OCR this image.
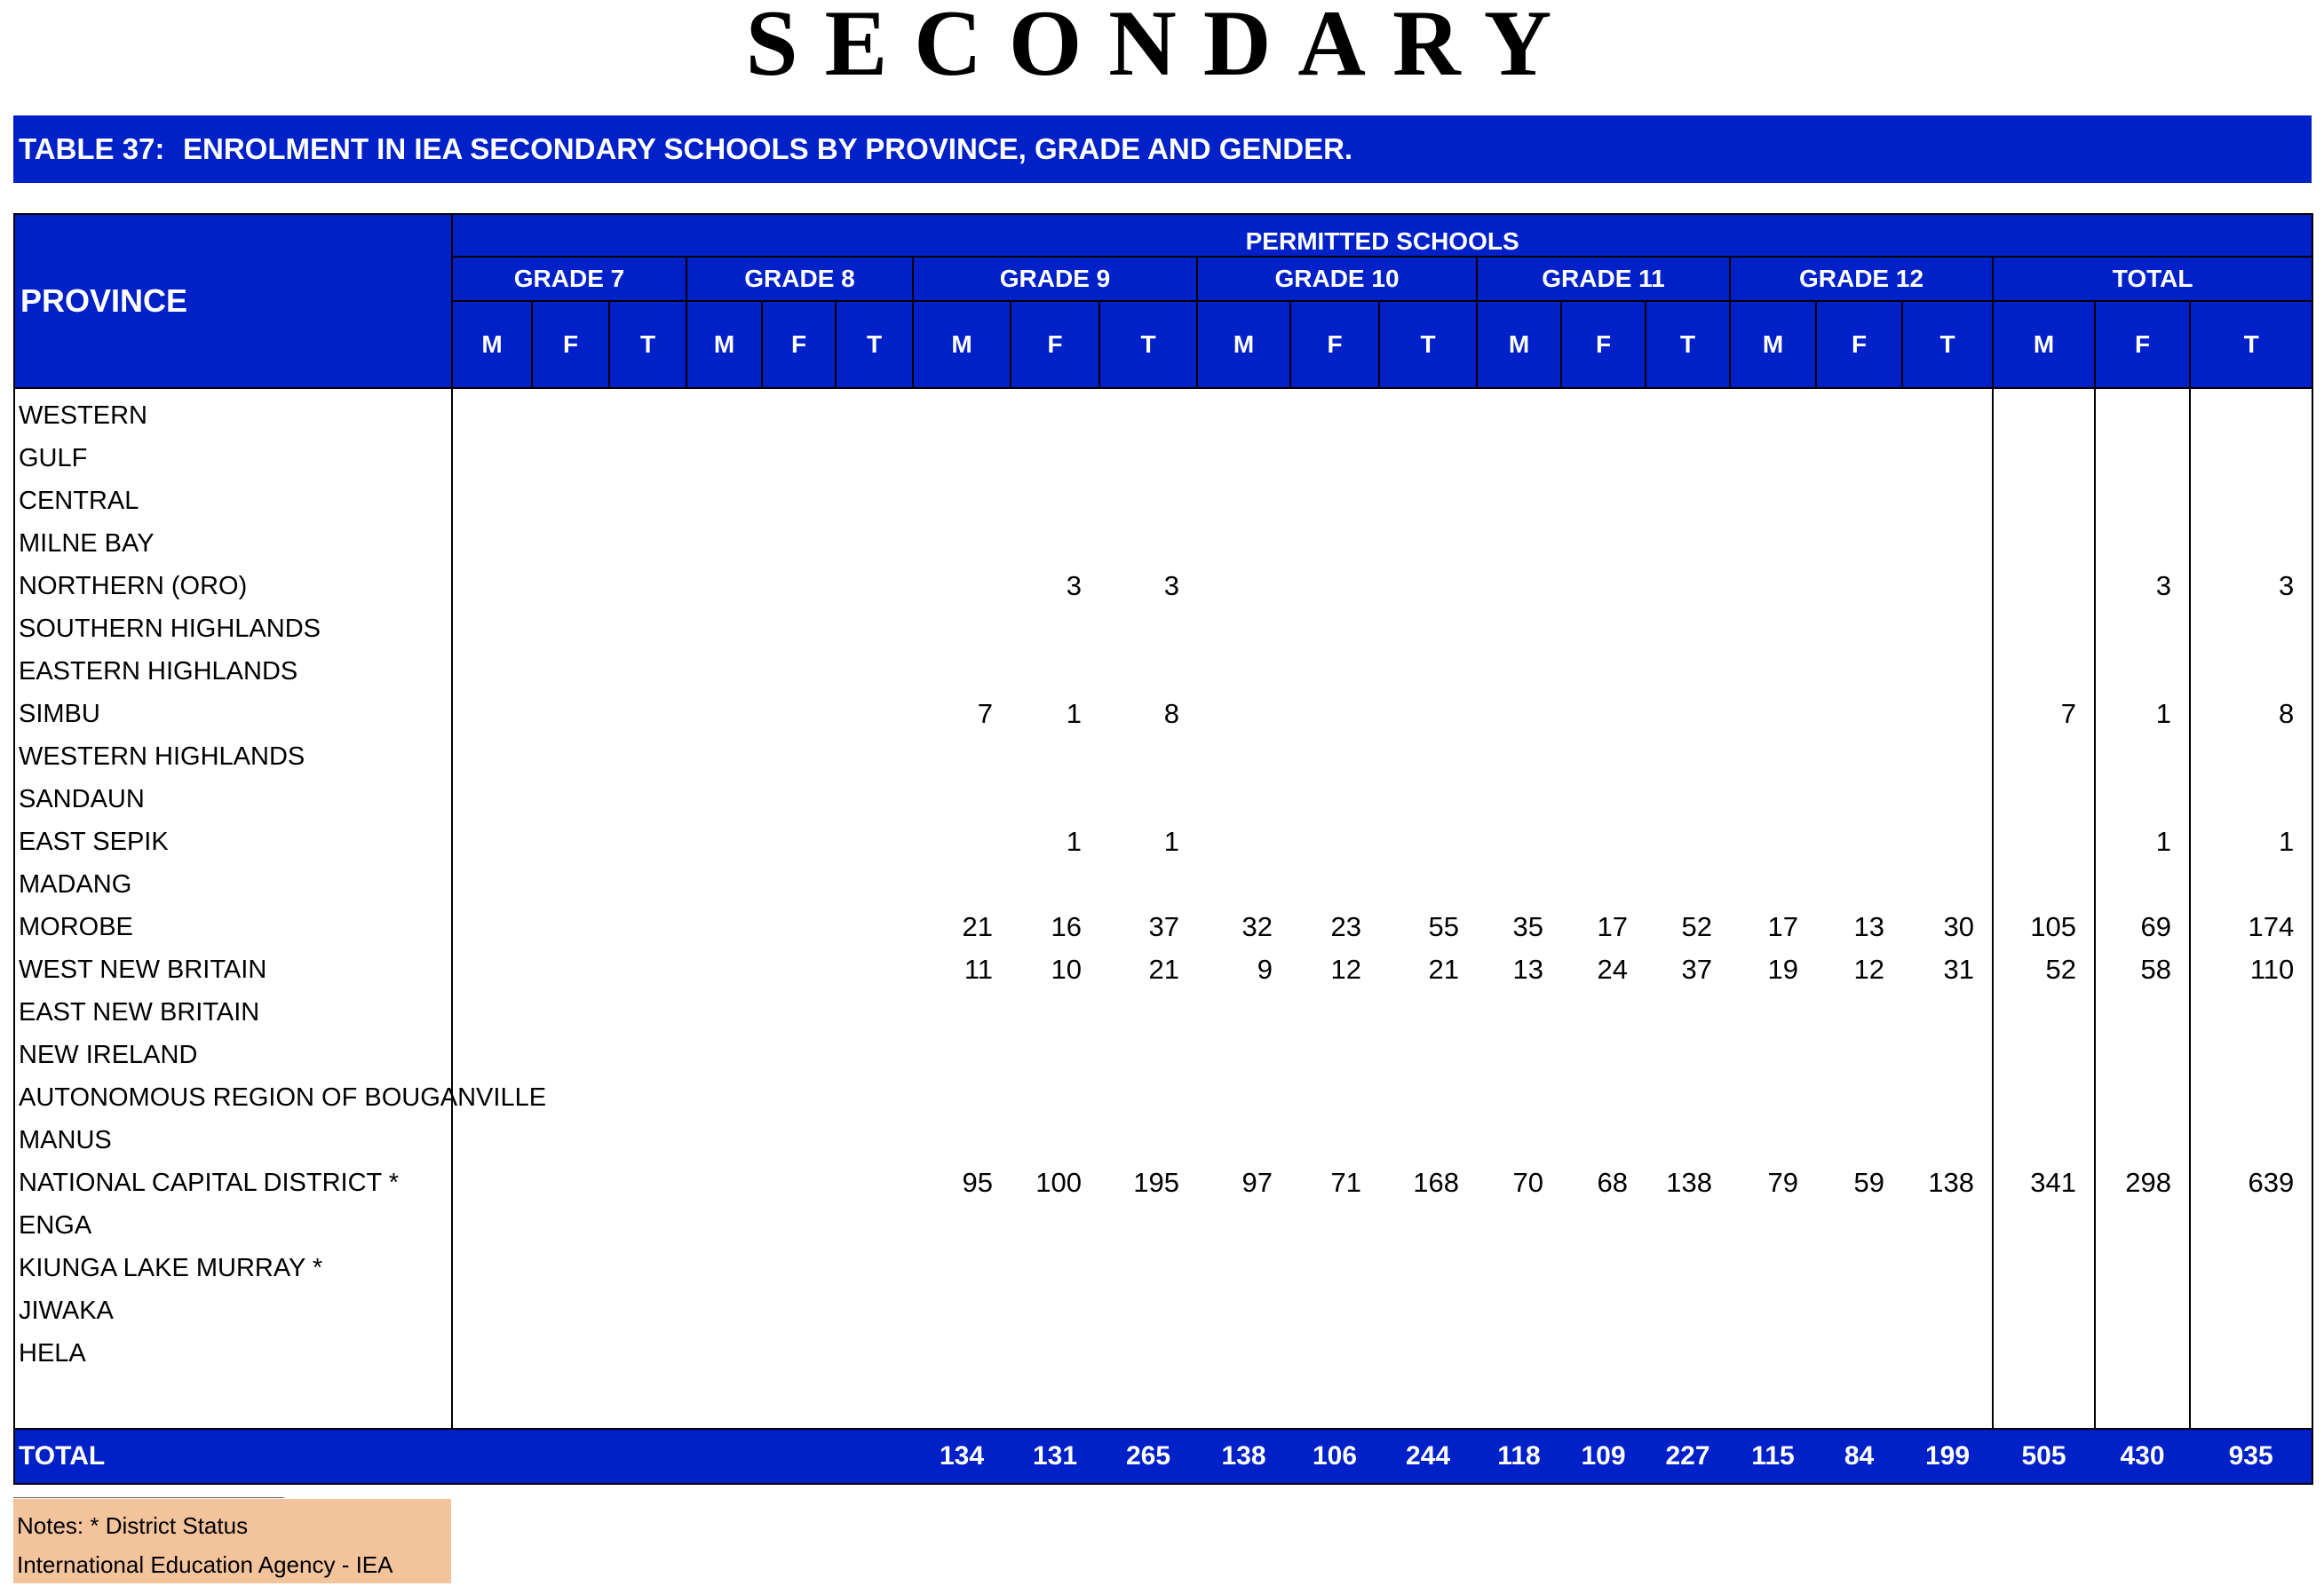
SECONDARY
TABLE 37: ENROLMENT IN IEA SECONDARY SCHOOLS BY PROVINCE, GRADE AND GENDER.
PROVINCE	PERMITTED SCHOOLS																				
	GRADE 7			GRADE 8			GRADE 9			GRADE 10			GRADE 11			GRADE 12			TOTAL		
	M	F	T	M	F	T	M	F	T	M	F	T	M	F	T	M	F	T	M	F	T
WESTERN																					
GULF																					
CENTRAL																					
MILNE BAY																					
NORTHERN (ORO)								3	3											3	3
SOUTHERN HIGHLANDS																					
EASTERN HIGHLANDS																					
SIMBU							7	1	8										7	1	8
WESTERN HIGHLANDS																					
SANDAUN																					
EAST SEPIK								1	1											1	1
MADANG																					
MOROBE							21	16	37	32	23	55	35	17	52	17	13	30	105	69	174
WEST NEW BRITAIN							11	10	21	9	12	21	13	24	37	19	12	31	52	58	110
EAST NEW BRITAIN																					
NEW IRELAND																					
AUTONOMOUS REGION OF BOUGANVILLE																					
MANUS																					
NATIONAL CAPITAL DISTRICT *							95	100	195	97	71	168	70	68	138	79	59	138	341	298	639
ENGA																					
KIUNGA LAKE MURRAY *																					
JIWAKA																					
HELA																					

TOTAL							134	131	265	138	106	244	118	109	227	115	84	199	505	430	935
Notes: * District Status
International Education Agency - IEA
